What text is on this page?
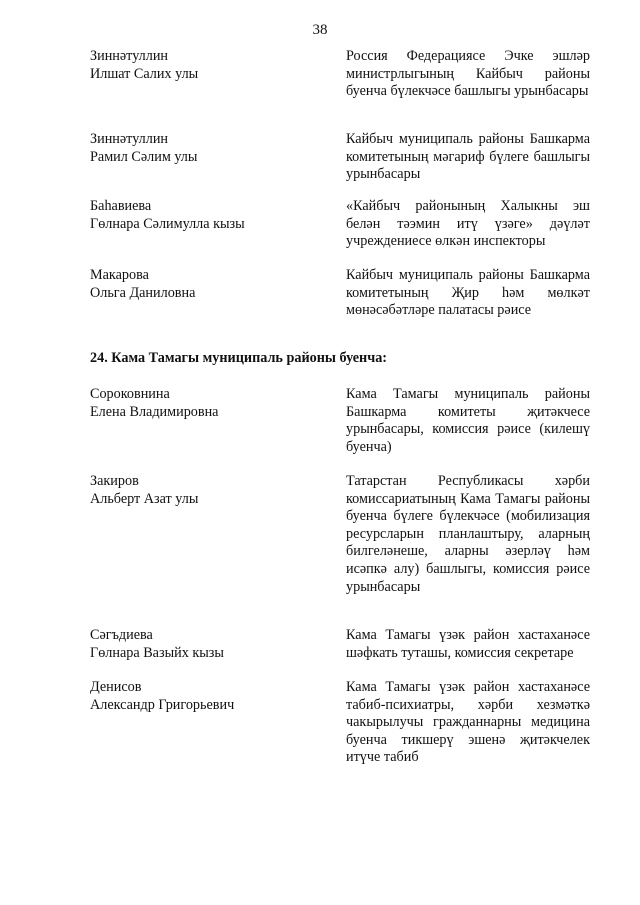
38
Зиннәтуллин
Илшат Салих улы
Россия Федерациясе Эчке эшләр министрлыгының Кайбыч районы буенча бүлекчәсе башлыгы урынбасары
Зиннәтуллин
Рамил Сәлим улы
Кайбыч муниципаль районы Башкарма комитетының мәгариф бүлеге башлыгы урынбасары
Баһавиева
Гөлнара Сәлимулла кызы
«Кайбыч районының Халыкны эш белән тәэмин итү үзәге» дәүләт учреждениесе өлкән инспекторы
Макарова
Ольга Даниловна
Кайбыч муниципаль районы Башкарма комитетының Җир һәм мөлкәт мөнәсәбәтләре палатасы рәисе
24. Кама Тамагы муниципаль районы буенча:
Сороковнина
Елена Владимировна
Кама Тамагы муниципаль районы Башкарма комитеты җитәкчесе урынбасары, комиссия рәисе (килешү буенча)
Закиров
Альберт Азат улы
Татарстан Республикасы хәрби комиссариатының Кама Тамагы районы буенча бүлеге бүлекчәсе (мобилизация ресурсларын планлаштыру, аларның билгеләнеше, аларны әзерләү һәм исәпкә алу) башлыгы, комиссия рәисе урынбасары
Сәгъдиева
Гөлнара Вазыйх кызы
Кама Тамагы үзәк район хастаханәсе шәфкать туташы, комиссия секретаре
Денисов
Александр Григорьевич
Кама Тамагы үзәк район хастаханәсе табиб-психиатры, хәрби хезмәткә чакырылучы гражданнарны медицина буенча тикшерү эшенә җитәкчелек итүче табиб
